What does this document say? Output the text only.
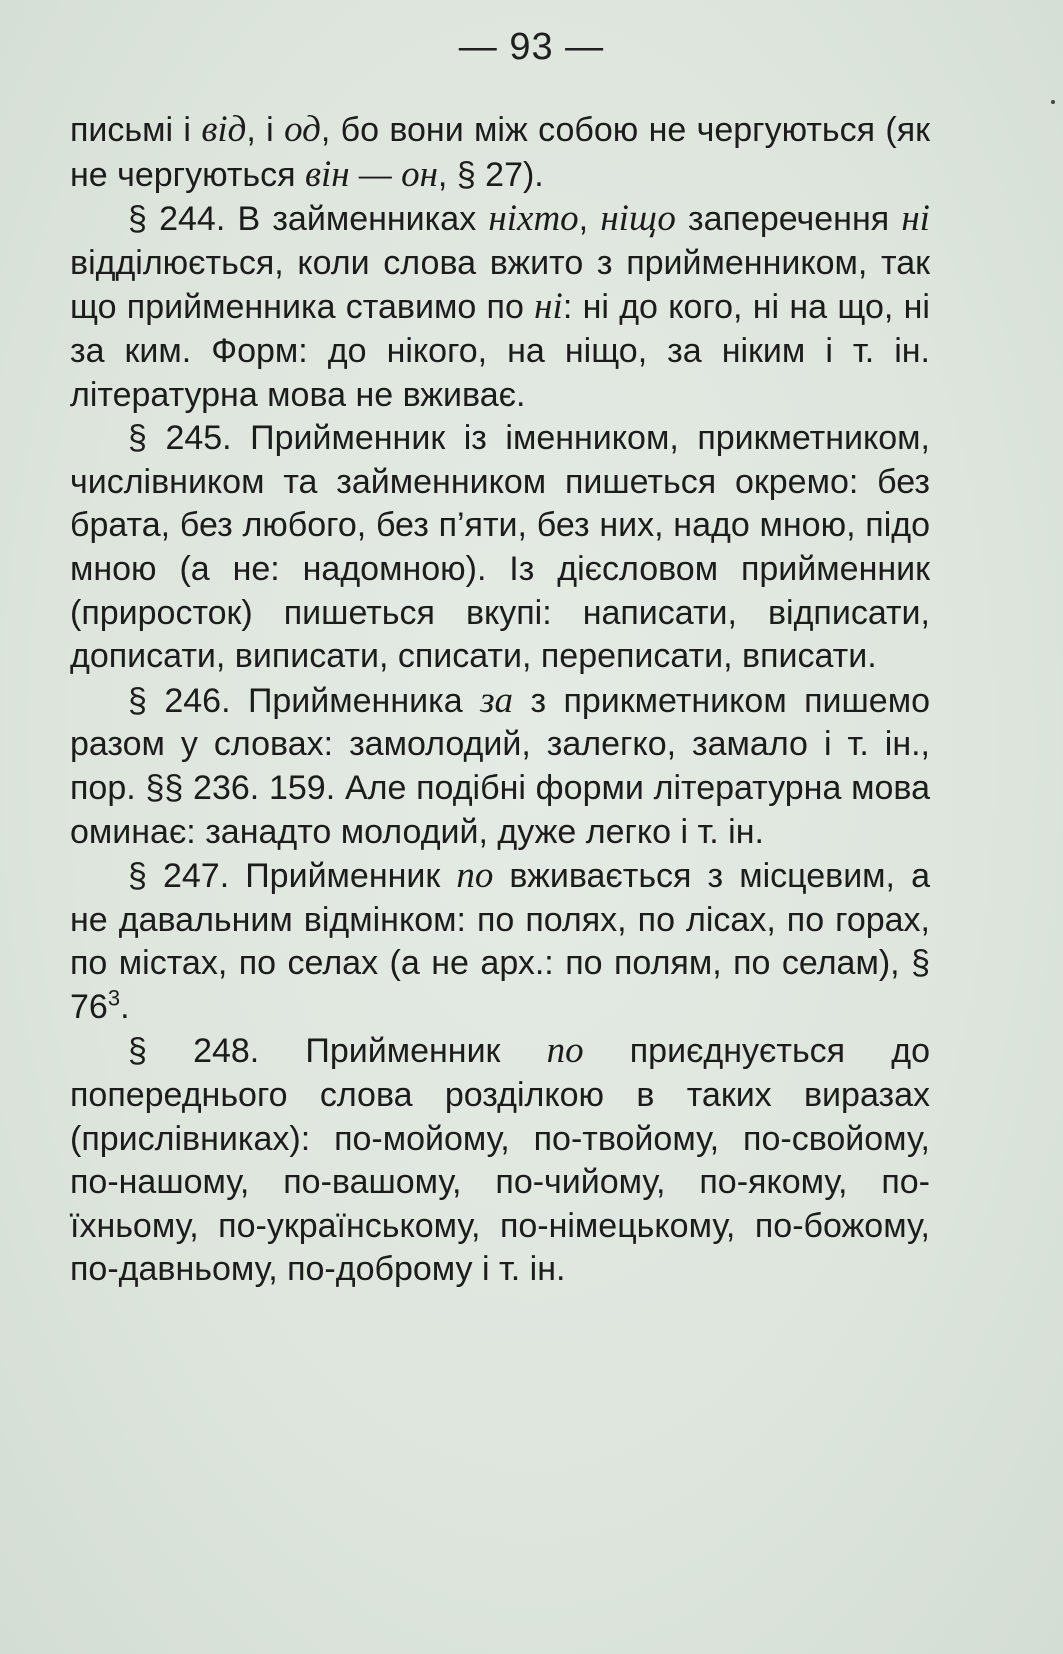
— 93 —

письмі і від, і од, бо вони між собою не чергуються (як не чергуються він — он, § 27).

§ 244. В займенниках ніхто, ніщо заперечення ні відділюється, коли слова вжито з прийменником, так що прийменника ставимо по ні: ні до кого, ні на що, ні за ким. Форм: до нікого, на ніщо, за ніким і т. ін. літературна мова не вживає.

§ 245. Прийменник із іменником, прикметником, числівником та займенником пишеться окремо: без брата, без любого, без п’яти, без них, надо мною, підо мною (а не: надомною). Із дієсловом прийменник (приросток) пишеться вкупі: написати, відписати, дописати, виписати, списати, переписати, вписати.

§ 246. Прийменника за з прикметником пишемо разом у словах: замолодий, залегко, замало і т. ін., пор. §§ 236. 159. Але подібні форми літературна мова оминає: занадто молодий, дуже легко і т. ін.

§ 247. Прийменник по вживається з місцевим, а не давальним відмінком: по полях, по лісах, по горах, по містах, по селах (а не арх.: по полям, по селам), § $76^3$.

§ 248. Прийменник по приєднується до попереднього слова розділкою в таких виразах (прислівниках): по-мойому, по-твойому, по-свойому, по-нашому, по-вашому, по-чийому, по-якому, по-їхньому, по-українському, по-німецькому, по-божому, по-давньому, по-доброму і т. ін.
